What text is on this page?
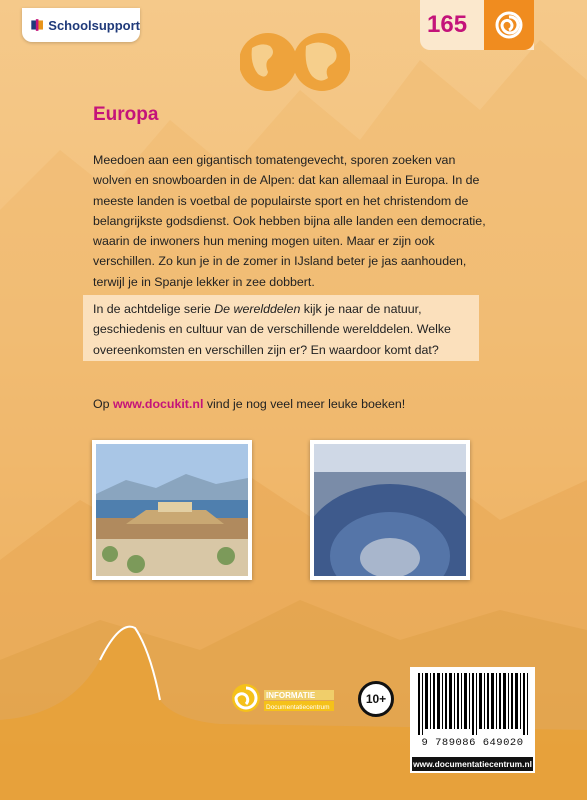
Schoolsupport	165
Europa
Meedoen aan een gigantisch tomatengevecht, sporen zoeken van wolven en snowboarden in de Alpen: dat kan allemaal in Europa. In de meeste landen is voetbal de populairste sport en het christendom de belangrijkste godsdienst. Ook hebben bijna alle landen een democratie, waarin de inwoners hun mening mogen uiten. Maar er zijn ook verschillen. Zo kun je in de zomer in IJsland beter je jas aanhouden, terwijl je in Spanje lekker in zee dobbert.
In de achtdelige serie De werelddelen kijk je naar de natuur, geschiedenis en cultuur van de verschillende werelddelen. Welke overeenkomsten en verschillen zijn er? En waardoor komt dat?
Op www.docukit.nl vind je nog veel meer leuke boeken!
INFORMATIE
Documentatiecentrum
10+
9 789086 649020
www.documentatiecentrum.nl
